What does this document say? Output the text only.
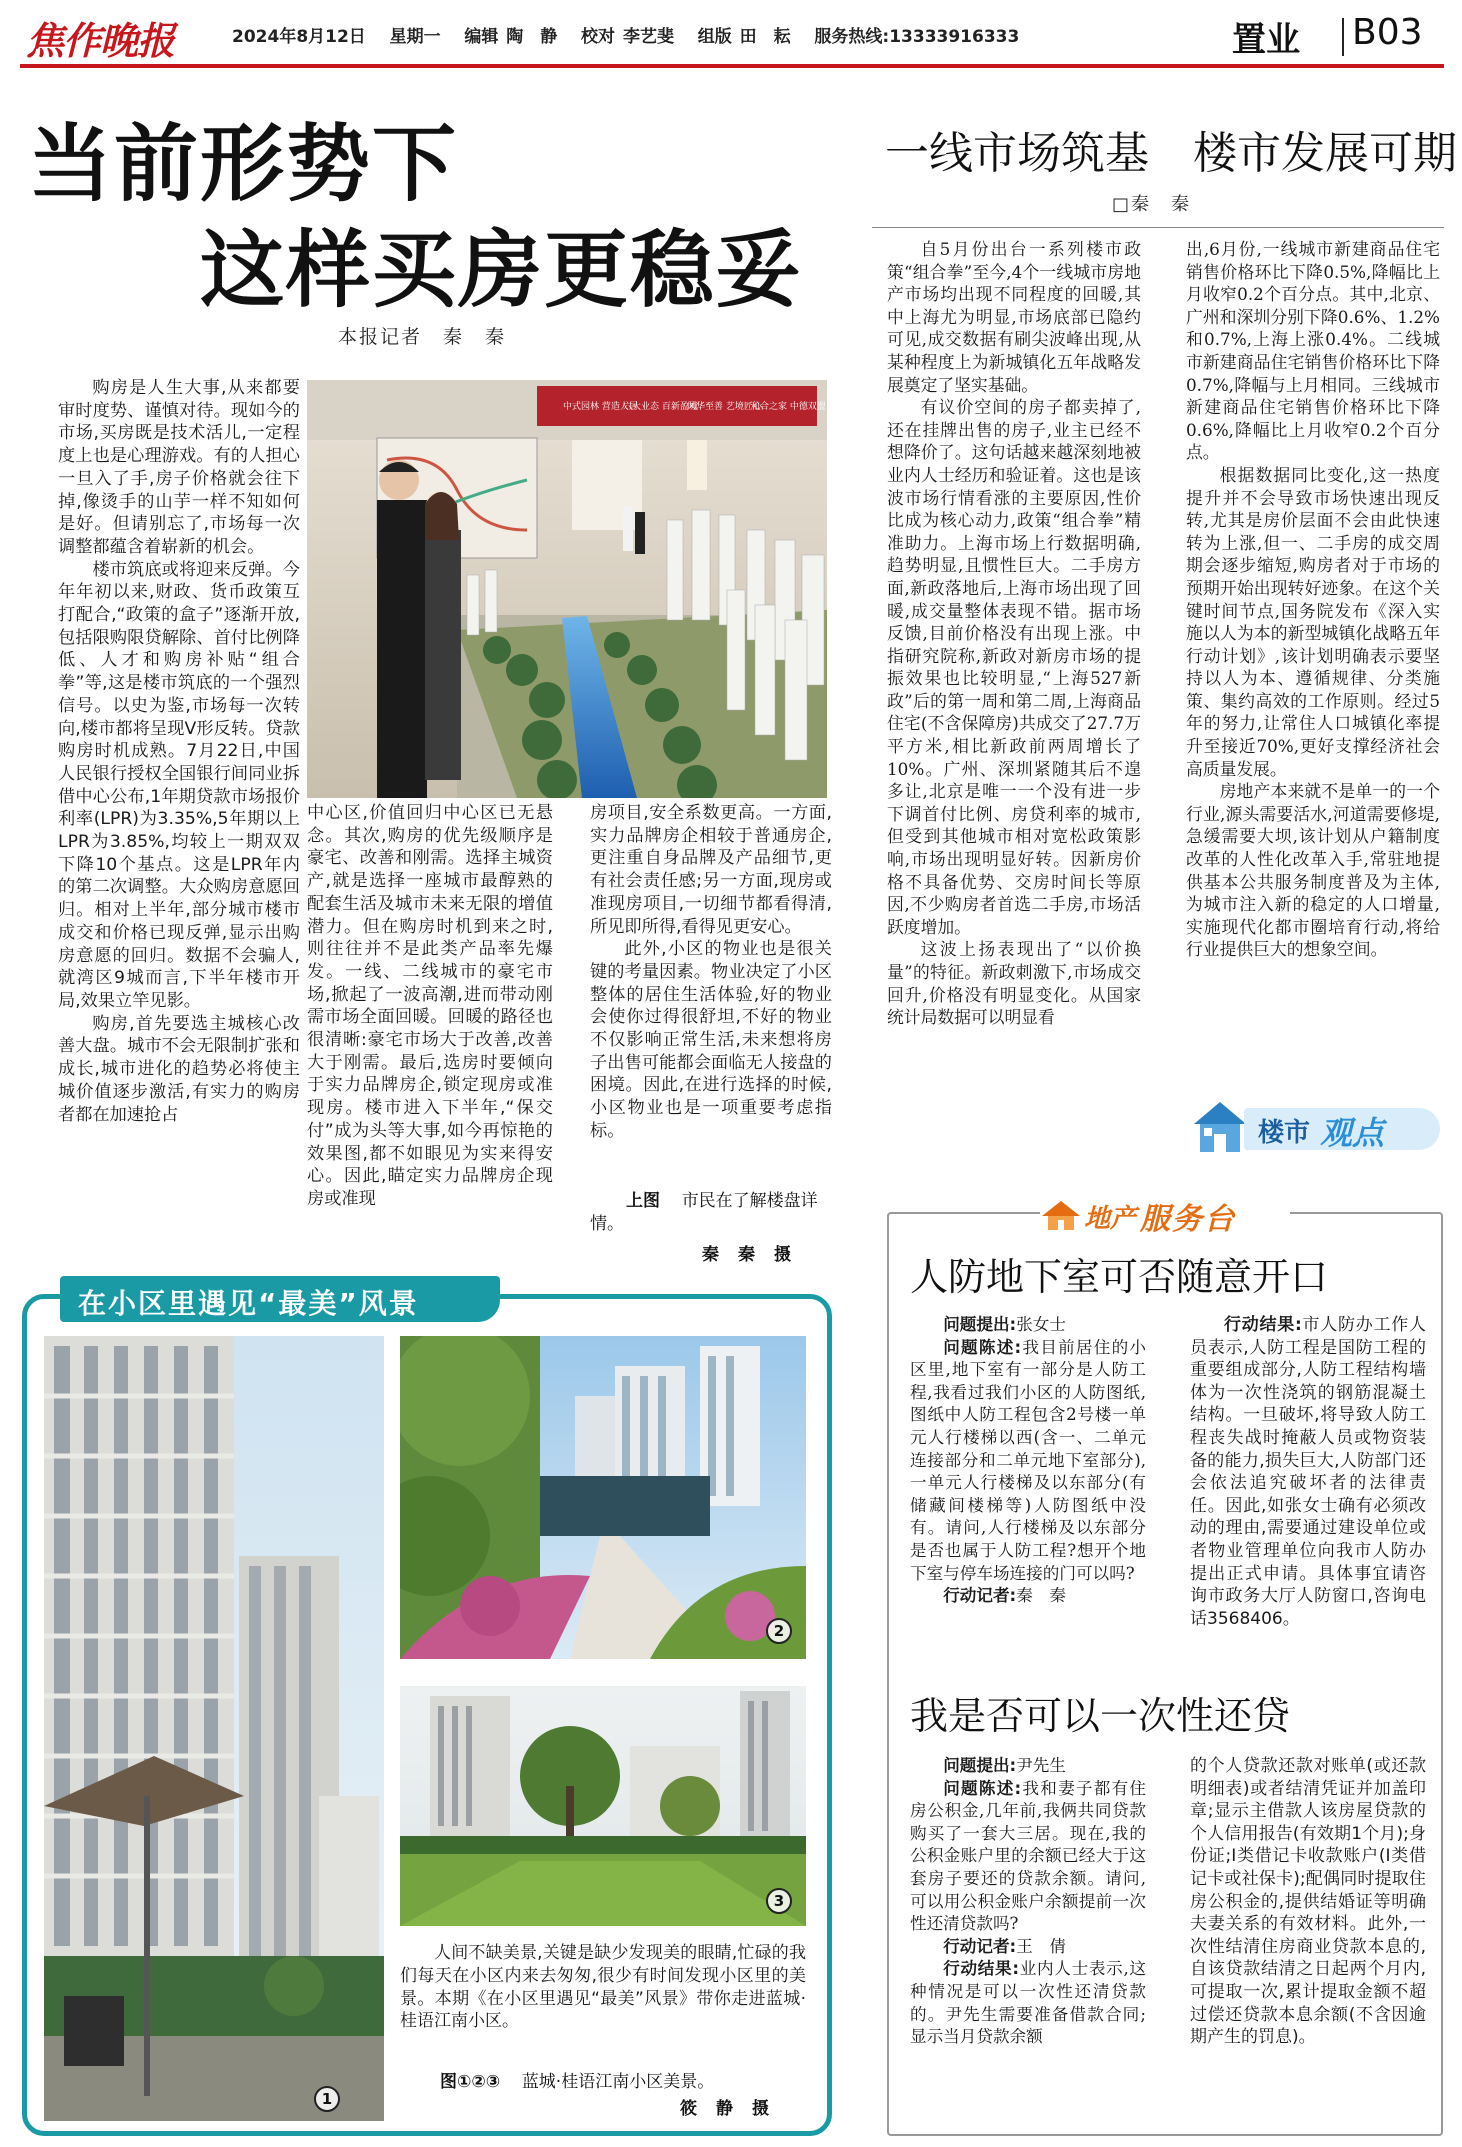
焦作晚报	2024年8月12日 星期一 编辑 陶　静 校对 李艺斐 组版 田　耘 服务热线:13333916333	置业 B03
当前形势下
这样买房更稳妥
本报记者　秦　秦

购房是人生大事,从来都要审时度势、谨慎对待。现如今的市场,买房既是技术活儿,一定程度上也是心理游戏。有的人担心一旦入了手,房子价格就会往下掉,像烫手的山芋一样不知如何是好。但请别忘了,市场每一次调整都蕴含着崭新的机会。

楼市筑底或将迎来反弹。今年年初以来,财政、货币政策互打配合,“政策的盒子”逐渐开放,包括限购限贷解除、首付比例降低、人才和购房补贴“组合拳”等,这是楼市筑底的一个强烈信号。以史为鉴,市场每一次转向,楼市都将呈现V形反转。贷款购房时机成熟。7月22日,中国人民银行授权全国银行间同业拆借中心公布,1年期贷款市场报价利率(LPR)为3.35%,5年期以上LPR为3.85%,均较上一期双双下降10个基点。这是LPR年内的第二次调整。大众购房意愿回归。相对上半年,部分城市楼市成交和价格已现反弹,显示出购房意愿的回归。数据不会骗人,就湾区9城而言,下半年楼市开局,效果立竿见影。

购房,首先要选主城核心改善大盘。城市不会无限制扩张和成长,城市进化的趋势必将使主城价值逐步激活,有实力的购房者都在加速抢占

中式园林 营造人居
六大业态 百新盈城
风华至善 艺境匠心
和合之家 中德双盟

中心区,价值回归中心区已无悬念。其次,购房的优先级顺序是豪宅、改善和刚需。选择主城资产,就是选择一座城市最醇熟的配套生活及城市未来无限的增值潜力。但在购房时机到来之时,则往往并不是此类产品率先爆发。一线、二线城市的豪宅市场,掀起了一波高潮,进而带动刚需市场全面回暖。回暖的路径也很清晰:豪宅市场大于改善,改善大于刚需。最后,选房时要倾向于实力品牌房企,锁定现房或准现房。楼市进入下半年,“保交付”成为头等大事,如今再惊艳的效果图,都不如眼见为实来得安心。因此,瞄定实力品牌房企现房或准现

房项目,安全系数更高。一方面,实力品牌房企相较于普通房企,更注重自身品牌及产品细节,更有社会责任感;另一方面,现房或准现房项目,一切细节都看得清,所见即所得,看得见更安心。

此外,小区的物业也是很关键的考量因素。物业决定了小区整体的居住生活体验,好的物业会使你过得很舒坦,不好的物业不仅影响正常生活,未来想将房子出售可能都会面临无人接盘的困境。因此,在进行选择的时候,小区物业也是一项重要考虑指标。

上图 市民在了解楼盘详情。
秦　秦　摄
一线市场筑基　楼市发展可期
□秦　秦

自5月份出台一系列楼市政策“组合拳”至今,4个一线城市房地产市场均出现不同程度的回暖,其中上海尤为明显,市场底部已隐约可见,成交数据有刷尖波峰出现,从某种程度上为新城镇化五年战略发展奠定了坚实基础。

有议价空间的房子都卖掉了,还在挂牌出售的房子,业主已经不想降价了。这句话越来越深刻地被业内人士经历和验证着。这也是该波市场行情看涨的主要原因,性价比成为核心动力,政策“组合拳”精准助力。上海市场上行数据明确,趋势明显,且惯性巨大。二手房方面,新政落地后,上海市场出现了回暖,成交量整体表现不错。据市场反馈,目前价格没有出现上涨。中指研究院称,新政对新房市场的提振效果也比较明显,“上海527新政”后的第一周和第二周,上海商品住宅(不含保障房)共成交了27.7万平方米,相比新政前两周增长了10%。广州、深圳紧随其后不遑多让,北京是唯一一个没有进一步下调首付比例、房贷利率的城市,但受到其他城市相对宽松政策影响,市场出现明显好转。因新房价格不具备优势、交房时间长等原因,不少购房者首选二手房,市场活跃度增加。

这波上扬表现出了“以价换量”的特征。新政刺激下,市场成交回升,价格没有明显变化。从国家统计局数据可以明显看

出,6月份,一线城市新建商品住宅销售价格环比下降0.5%,降幅比上月收窄0.2个百分点。其中,北京、广州和深圳分别下降0.6%、1.2%和0.7%,上海上涨0.4%。二线城市新建商品住宅销售价格环比下降0.7%,降幅与上月相同。三线城市新建商品住宅销售价格环比下降0.6%,降幅比上月收窄0.2个百分点。

根据数据同比变化,这一热度提升并不会导致市场快速出现反转,尤其是房价层面不会由此快速转为上涨,但一、二手房的成交周期会逐步缩短,购房者对于市场的预期开始出现转好迹象。在这个关键时间节点,国务院发布《深入实施以人为本的新型城镇化战略五年行动计划》,该计划明确表示要坚持以人为本、遵循规律、分类施策、集约高效的工作原则。经过5年的努力,让常住人口城镇化率提升至接近70%,更好支撑经济社会高质量发展。

房地产本来就不是单一的一个行业,源头需要活水,河道需要修堤,急缓需要大坝,该计划从户籍制度改革的人性化改革入手,常驻地提供基本公共服务制度普及为主体,为城市注入新的稳定的人口增量,实施现代化都市圈培育行动,将给行业提供巨大的想象空间。

楼市 观点
地产 服务台
人防地下室可否随意开口

问题提出:张女士

问题陈述:我目前居住的小区里,地下室有一部分是人防工程,我看过我们小区的人防图纸,图纸中人防工程包含2号楼一单元人行楼梯以西(含一、二单元连接部分和二单元地下室部分),一单元人行楼梯及以东部分(有储藏间楼梯等)人防图纸中没有。请问,人行楼梯及以东部分是否也属于人防工程?想开个地下室与停车场连接的门可以吗?

行动记者:秦　秦

行动结果:市人防办工作人员表示,人防工程是国防工程的重要组成部分,人防工程结构墙体为一次性浇筑的钢筋混凝土结构。一旦破坏,将导致人防工程丧失战时掩蔽人员或物资装备的能力,损失巨大,人防部门还会依法追究破坏者的法律责任。因此,如张女士确有必须改动的理由,需要通过建设单位或者物业管理单位向我市人防办提出正式申请。具体事宜请咨询市政务大厅人防窗口,咨询电话3568406。

我是否可以一次性还贷

问题提出:尹先生

问题陈述:我和妻子都有住房公积金,几年前,我俩共同贷款购买了一套大三居。现在,我的公积金账户里的余额已经大于这套房子要还的贷款余额。请问,可以用公积金账户余额提前一次性还清贷款吗?

行动记者:王　倩

行动结果:业内人士表示,这种情况是可以一次性还清贷款的。尹先生需要准备借款合同;显示当月贷款余额

的个人贷款还款对账单(或还款明细表)或者结清凭证并加盖印章;显示主借款人该房屋贷款的个人信用报告(有效期1个月);身份证;I类借记卡收款账户(I类借记卡或社保卡);配偶同时提取住房公积金的,提供结婚证等明确夫妻关系的有效材料。此外,一次性结清住房商业贷款本息的,自该贷款结清之日起两个月内,可提取一次,累计提取金额不超过偿还贷款本息余额(不含因逾期产生的罚息)。

在小区里遇见“最美”风景
1
2
3

人间不缺美景,关键是缺少发现美的眼睛,忙碌的我们每天在小区内来去匆匆,很少有时间发现小区里的美景。本期《在小区里遇见“最美”风景》带你走进蓝城·桂语江南小区。

图①②③ 蓝城·桂语江南小区美景。
筱　静　摄
